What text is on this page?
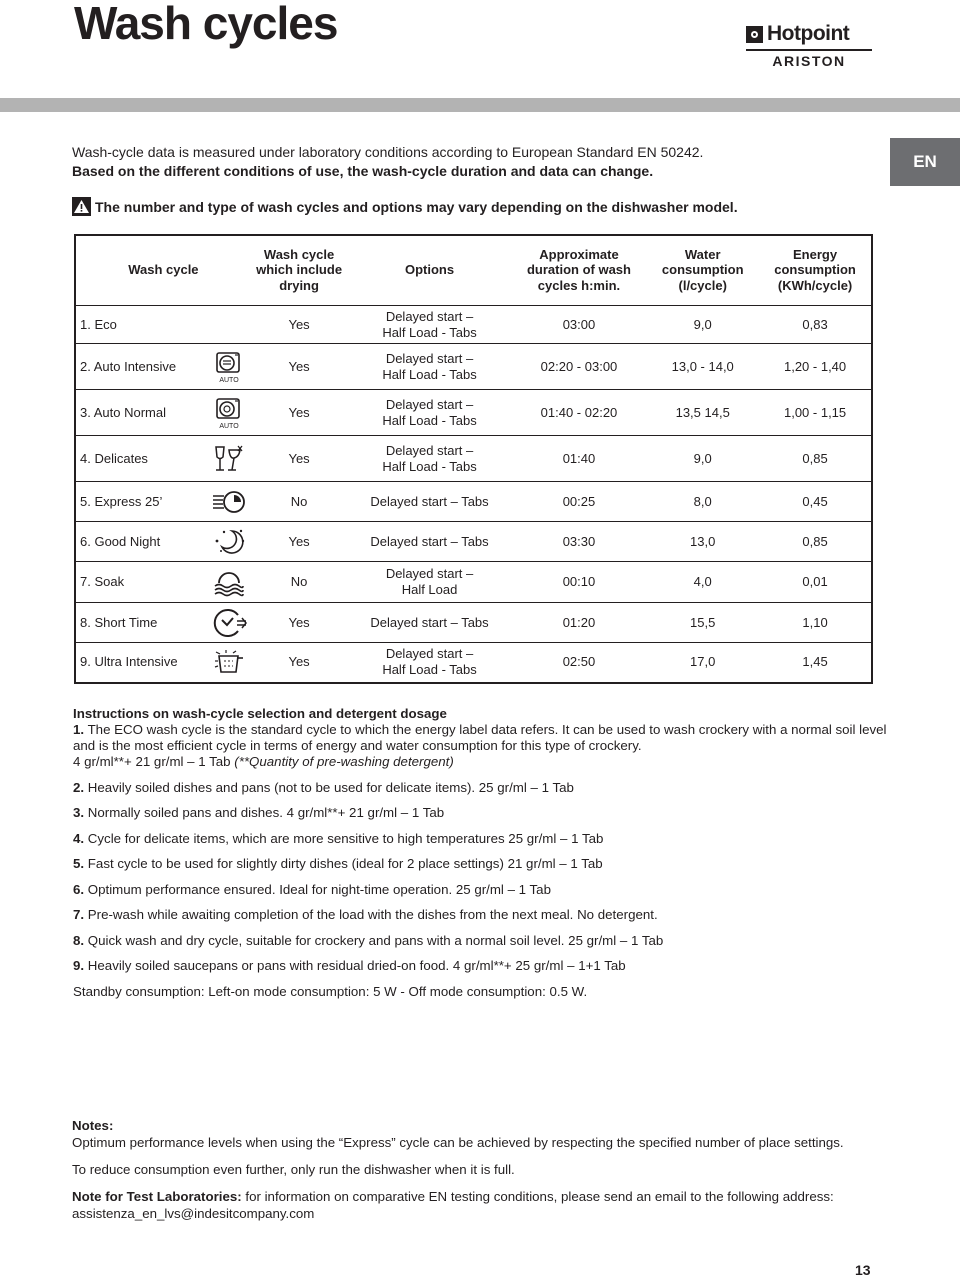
Wash cycles	Hotpoint
ARISTON
EN
Wash-cycle data is measured under laboratory conditions according to European Standard EN 50242.
Based on the different conditions of use, the wash-cycle duration and data can change.
The number and type of wash cycles and options may vary depending on the dishwasher model.
Wash cycle		Wash cycle which include drying	Options	Approximate duration of wash cycles h:min.	Water consumption (l/cycle)	Energy consumption (KWh/cycle)
1. Eco		Yes	Delayed start –
Half Load - Tabs	03:00	9,0	0,83
2. Auto Intensive	AUTO	Yes	Delayed start –
Half Load - Tabs	02:20 - 03:00	13,0 - 14,0	1,20 - 1,40
3. Auto Normal	AUTO	Yes	Delayed start –
Half Load - Tabs	01:40 - 02:20	13,5 14,5	1,00 - 1,15
4. Delicates		Yes	Delayed start –
Half Load - Tabs	01:40	9,0	0,85
5. Express 25’		No	Delayed start – Tabs	00:25	8,0	0,45
6. Good Night		Yes	Delayed start – Tabs	03:30	13,0	0,85
7. Soak		No	Delayed start –
Half Load	00:10	4,0	0,01
8. Short Time		Yes	Delayed start – Tabs	01:20	15,5	1,10
9. Ultra Intensive		Yes	Delayed start –
Half Load - Tabs	02:50	17,0	1,45

Instructions on wash-cycle selection and detergent dosage

1. The ECO wash cycle is the standard cycle to which the energy label data refers. It can be used to wash crockery with a normal soil level and is the most efficient cycle in terms of energy and water consumption for this type of crockery.

4 gr/ml**+ 21 gr/ml – 1 Tab (**Quantity of pre-washing detergent)

2. Heavily soiled dishes and pans (not to be used for delicate items). 25 gr/ml – 1 Tab

3. Normally soiled pans and dishes. 4 gr/ml**+ 21 gr/ml – 1 Tab

4. Cycle for delicate items, which are more sensitive to high temperatures 25 gr/ml – 1 Tab

5. Fast cycle to be used for slightly dirty dishes (ideal for 2 place settings) 21 gr/ml – 1 Tab

6. Optimum performance ensured. Ideal for night-time operation. 25 gr/ml – 1 Tab

7. Pre-wash while awaiting completion of the load with the dishes from the next meal. No detergent.

8. Quick wash and dry cycle, suitable for crockery and pans with a normal soil level. 25 gr/ml – 1 Tab

9. Heavily soiled saucepans or pans with residual dried-on food. 4 gr/ml**+ 25 gr/ml – 1+1 Tab

Standby consumption: Left-on mode consumption: 5 W - Off mode consumption: 0.5 W.

Notes:

Optimum performance levels when using the “Express” cycle can be achieved by respecting the specified number of place settings.

To reduce consumption even further, only run the dishwasher when it is full.

Note for Test Laboratories: for information on comparative EN testing conditions, please send an email to the following address: assistenza_en_lvs@indesitcompany.com

13
